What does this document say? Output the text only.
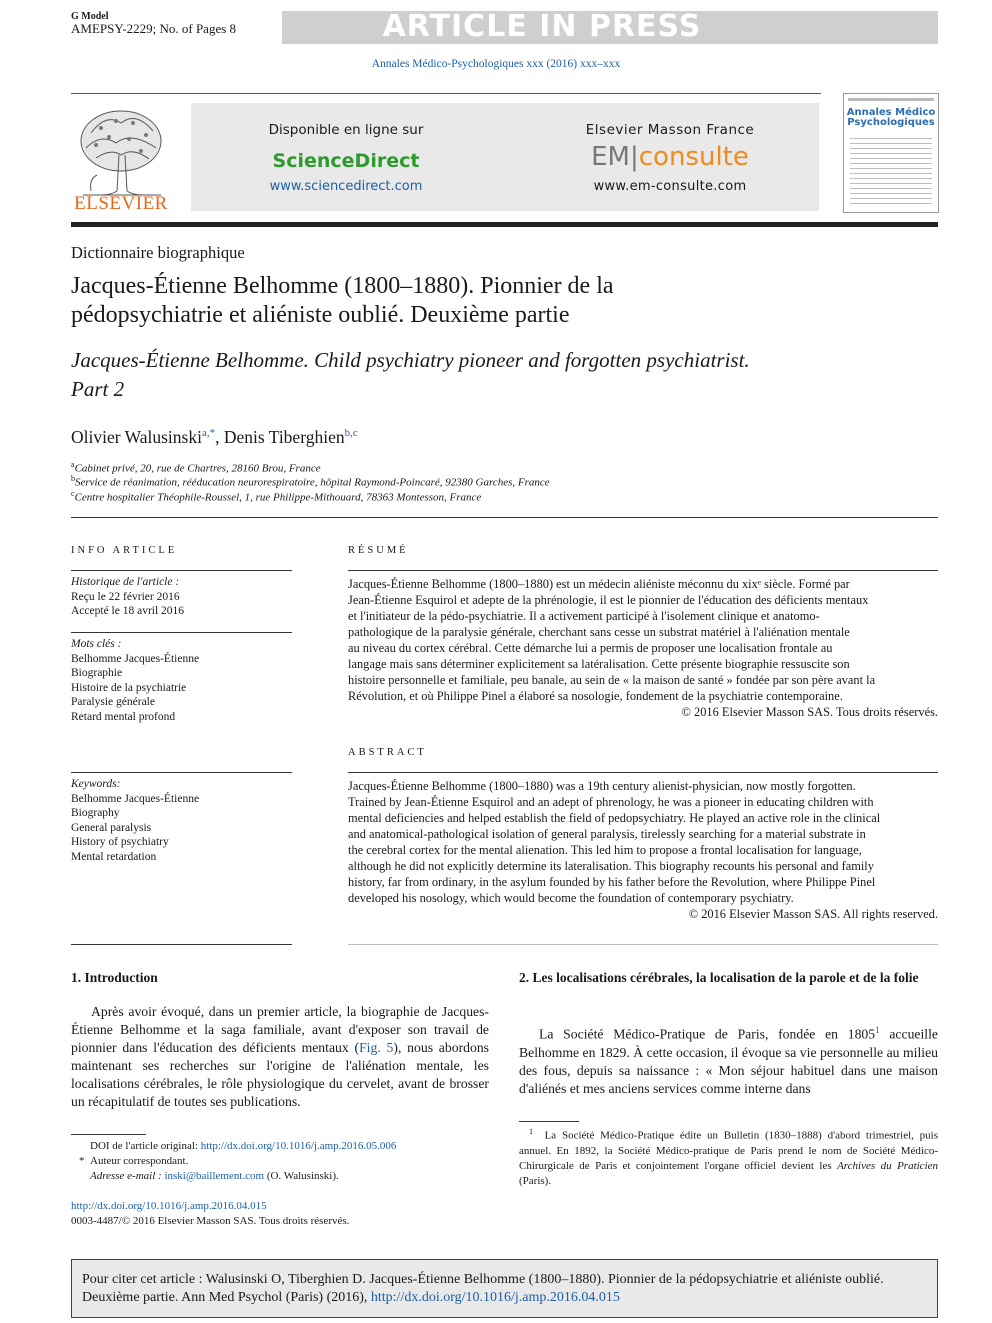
G Model
AMEPSY-2229; No. of Pages 8	ARTICLE IN PRESS
Annales Médico-Psychologiques xxx (2016) xxx–xxx
ELSEVIER
Disponible en ligne sur
ScienceDirect
www.sciencedirect.com
Elsevier Masson France
EM|consulte
www.em-consulte.com
Annales Médico
Psychologiques
Dictionnaire biographique
Jacques-Étienne Belhomme (1800–1880). Pionnier de la
pédopsychiatrie et aliéniste oublié. Deuxième partie
Jacques-Étienne Belhomme. Child psychiatry pioneer and forgotten psychiatrist.
Part 2
Olivier Walusinski$^{a,*}$, Denis Tiberghien$^{b,c}$
$^a$Cabinet privé, 20, rue de Chartres, 28160 Brou, France
$^b$Service de réanimation, rééducation neurorespiratoire, hôpital Raymond-Poincaré, 92380 Garches, France
$^c$Centre hospitalier Théophile-Roussel, 1, rue Philippe-Mithouard, 78363 Montesson, France
INFO ARTICLE
Historique de l'article :
Reçu le 22 février 2016
Accepté le 18 avril 2016
Mots clés :
Belhomme Jacques-Étienne
Biographie
Histoire de la psychiatrie
Paralysie générale
Retard mental profond
Keywords:
Belhomme Jacques-Étienne
Biography
General paralysis
History of psychiatry
Mental retardation
RÉSUMÉ
Jacques-Étienne Belhomme (1800–1880) est un médecin aliéniste méconnu du xixᵉ siècle. Formé par
Jean-Étienne Esquirol et adepte de la phrénologie, il est le pionnier de l'éducation des déficients mentaux
et l'initiateur de la pédo-psychiatrie. Il a activement participé à l'isolement clinique et anatomo-
pathologique de la paralysie générale, cherchant sans cesse un substrat matériel à l'aliénation mentale
au niveau du cortex cérébral. Cette démarche lui a permis de proposer une localisation frontale au
langage mais sans déterminer explicitement sa latéralisation. Cette présente biographie ressuscite son
histoire personnelle et familiale, peu banale, au sein de « la maison de santé » fondée par son père avant la
Révolution, et où Philippe Pinel a élaboré sa nosologie, fondement de la psychiatrie contemporaine.
© 2016 Elsevier Masson SAS. Tous droits réservés.
ABSTRACT
Jacques-Étienne Belhomme (1800–1880) was a 19th century alienist-physician, now mostly forgotten.
Trained by Jean-Étienne Esquirol and an adept of phrenology, he was a pioneer in educating children with
mental deficiencies and helped establish the field of pedopsychiatry. He played an active role in the clinical
and anatomical-pathological isolation of general paralysis, tirelessly searching for a material substrate in
the cerebral cortex for the mental alienation. This led him to propose a frontal localisation for language,
although he did not explicitly determine its lateralisation. This biography recounts his personal and family
history, far from ordinary, in the asylum founded by his father before the Revolution, where Philippe Pinel
developed his nosology, which would become the foundation of contemporary psychiatry.
© 2016 Elsevier Masson SAS. All rights reserved.
1. Introduction
Après avoir évoqué, dans un premier article, la biographie de Jacques-Étienne Belhomme et la saga familiale, avant d'exposer son travail de pionnier dans l'éducation des déficients mentaux (Fig. 5), nous abordons maintenant ses recherches sur l'origine de l'aliénation mentale, les localisations cérébrales, le rôle physiologique du cervelet, avant de brosser un récapitulatif de toutes ses publications.
2. Les localisations cérébrales, la localisation de la parole et de la folie
La Société Médico-Pratique de Paris, fondée en 1805$^1$ accueille Belhomme en 1829. À cette occasion, il évoque sa vie personnelle au milieu des fous, depuis sa naissance : « Mon séjour habituel dans une maison d'aliénés et mes anciens services comme interne dans
DOI de l'article original: http://dx.doi.org/10.1016/j.amp.2016.05.006
* Auteur correspondant.
Adresse e-mail : inski@baillement.com (O. Walusinski).
http://dx.doi.org/10.1016/j.amp.2016.04.015
0003-4487/© 2016 Elsevier Masson SAS. Tous droits réservés.
$^1$ La Société Médico-Pratique édite un Bulletin (1830–1888) d'abord trimestriel, puis annuel. En 1892, la Société Médico-pratique de Paris prend le nom de Société Médico-Chirurgicale de Paris et conjointement l'organe officiel devient les Archives du Praticien (Paris).
Pour citer cet article : Walusinski O, Tiberghien D. Jacques-Étienne Belhomme (1800–1880). Pionnier de la pédopsychiatrie et aliéniste oublié. Deuxième partie. Ann Med Psychol (Paris) (2016), http://dx.doi.org/10.1016/j.amp.2016.04.015
